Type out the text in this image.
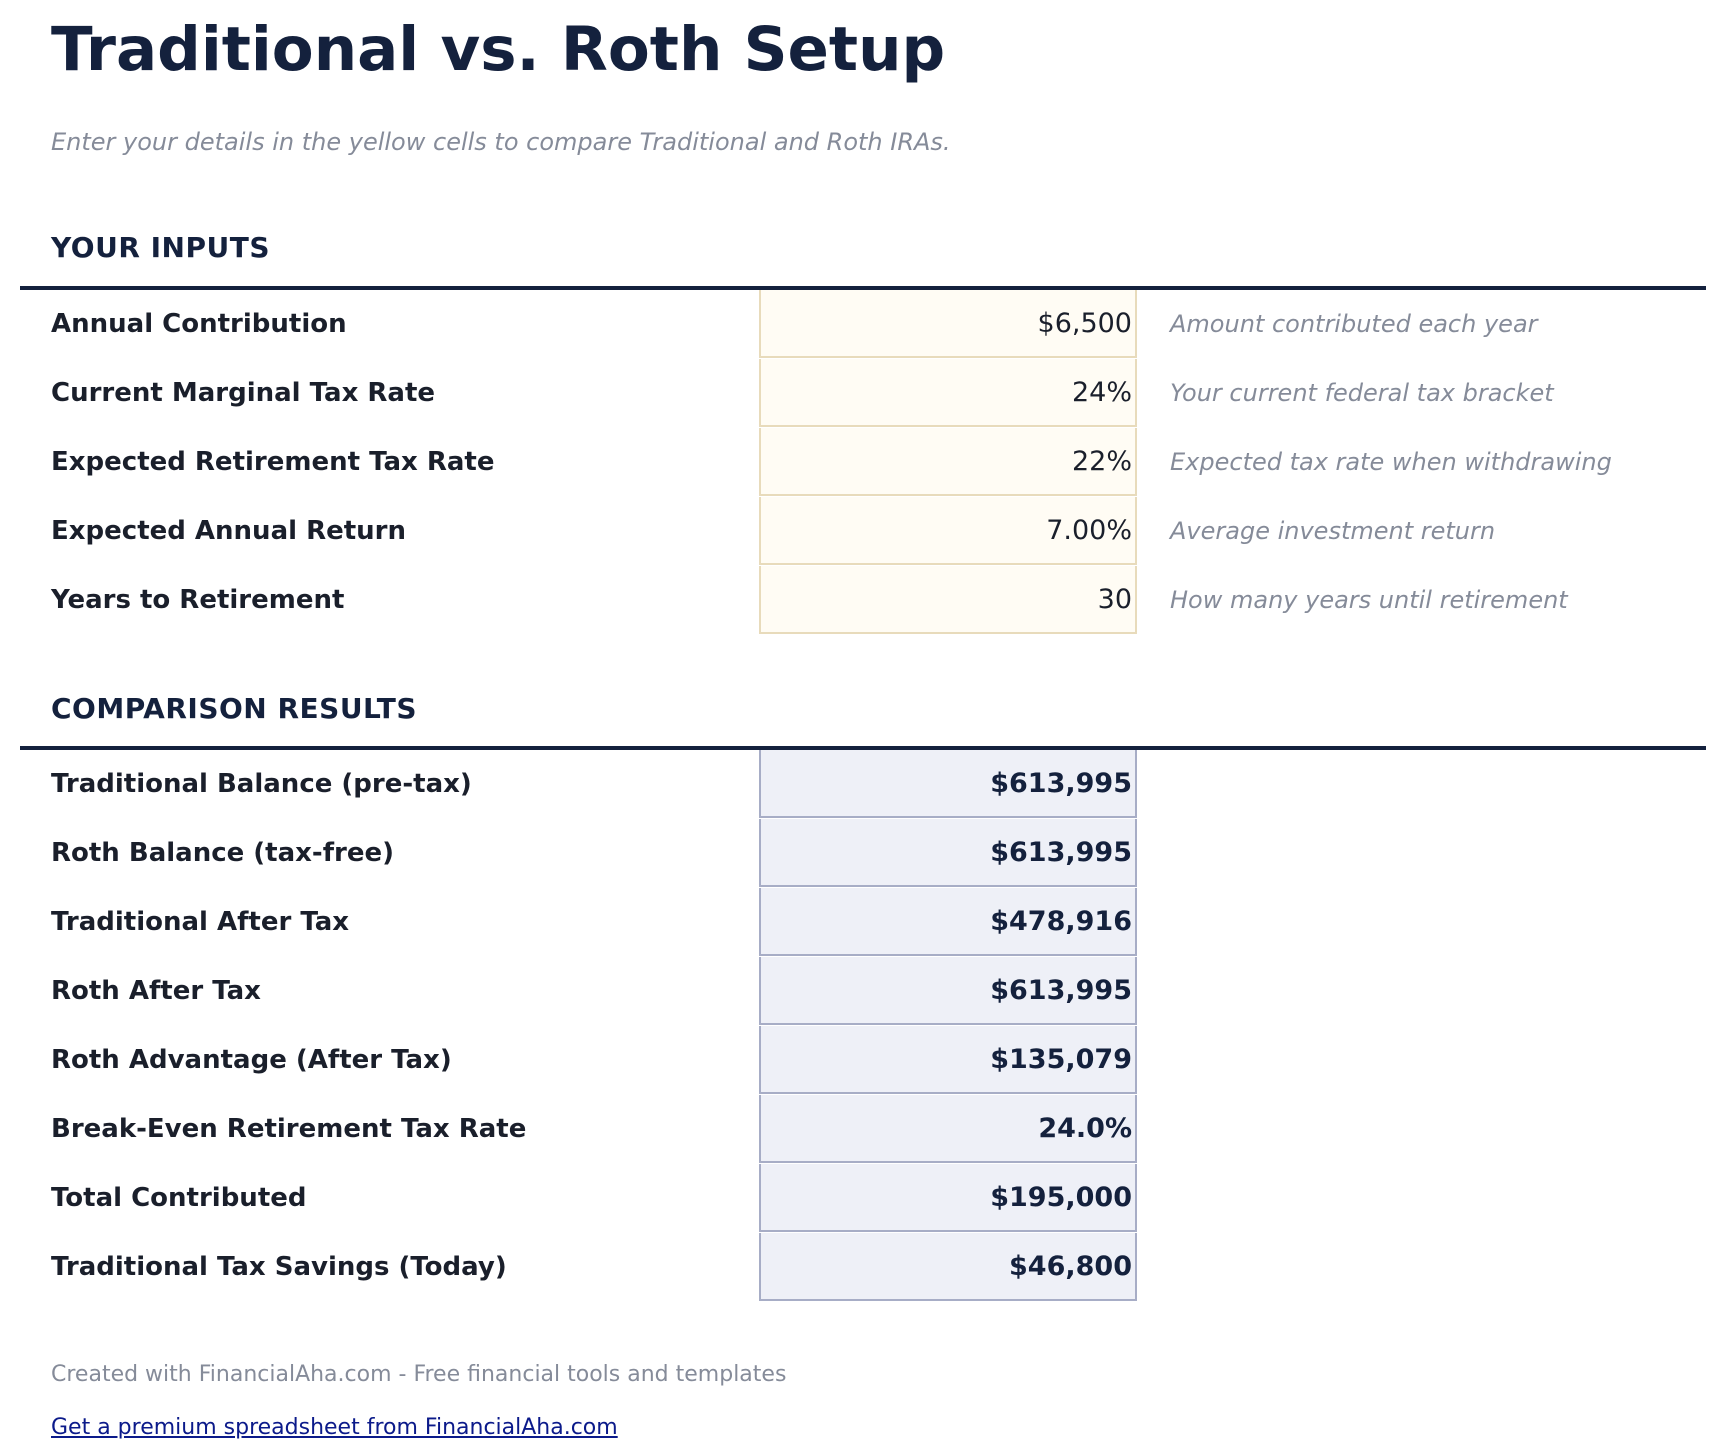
Traditional vs. Roth Setup

Enter your details in the yellow cells to compare Traditional and Roth IRAs.

YOUR INPUTS
Annual Contribution	$6,500 Amount contributed each year
Current Marginal Tax Rate	24% Your current federal tax bracket
Expected Retirement Tax Rate	22% Expected tax rate when withdrawing
Expected Annual Return	7.00% Average investment return
Years to Retirement	30 How many years until retirement
COMPARISON RESULTS
Traditional Balance (pre-tax)	$613,995
Roth Balance (tax-free)	$613,995
Traditional After Tax	$478,916
Roth After Tax	$613,995
Roth Advantage (After Tax)	$135,079
Break-Even Retirement Tax Rate	24.0%
Total Contributed	$195,000
Traditional Tax Savings (Today)	$46,800

Created with FinancialAha.com - Free financial tools and templates

Get a premium spreadsheet from FinancialAha.com
